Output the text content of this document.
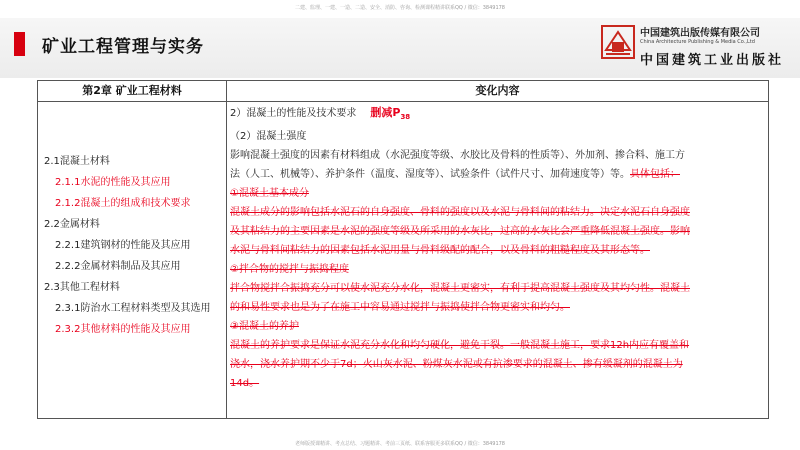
二建、监理、一建、一造、二造、安全、消防、咨询、检测课程精讲联系QQ / 微信：3849178
矿业工程管理与实务
中国建筑出版传媒有限公司
China Architecture Publishing & Media Co.,Ltd
中国建筑工业出版社
第2章 矿业工程材料	变化内容
2.1混凝土材料
2.1.1水泥的性能及其应用
2.1.2混凝土的组成和技术要求
2.2金属材料
2.2.1建筑钢材的性能及其应用
2.2.2金属材料制品及其应用
2.3其他工程材料
2.3.1防治水工程材料类型及其选用
2.3.2其他材料的性能及其应用
2）混凝土的性能及技术要求 删减$P_{38}$
（2）混凝土强度
影响混凝土强度的因素有材料组成（水泥强度等级、水胶比及骨料的性质等）、外加剂、掺合料、施工方
法（人工、机械等）、养护条件（温度、湿度等）、试验条件（试件尺寸、加荷速度等）等。具体包括：
①混凝土基本成分
混凝土成分的影响包括水泥石的自身强度、骨料的强度以及水泥与骨料间的粘结力。决定水泥石自身强度
及其粘结力的主要因素是水泥的强度等级及所采用的水灰比，过高的水灰比会严重降低混凝土强度。影响
水泥与骨料间粘结力的因素包括水泥用量与骨料级配的配合，以及骨料的粗糙程度及其形态等。
②拌合物的搅拌与振捣程度
拌合物搅拌合振捣充分可以使水泥充分水化，混凝土更密实，有利于提高混凝土强度及其均匀性。混凝土
的和易性要求也是为了在施工中容易通过搅拌与振捣使拌合物更密实和均匀。
③混凝土的养护
混凝土的养护要求是保证水泥充分水化和均匀硬化，避免干裂。一般混凝土施工，要求12h内应有覆盖和
浇水，浇水养护期不少于7d；火山灰水泥、粉煤灰水泥或有抗渗要求的混凝土、掺有缓凝剂的混凝土为
14d。
老师版授课精讲、考点总结、习题精讲、考前三页纸、联系客服更多联系QQ / 微信：3849178
